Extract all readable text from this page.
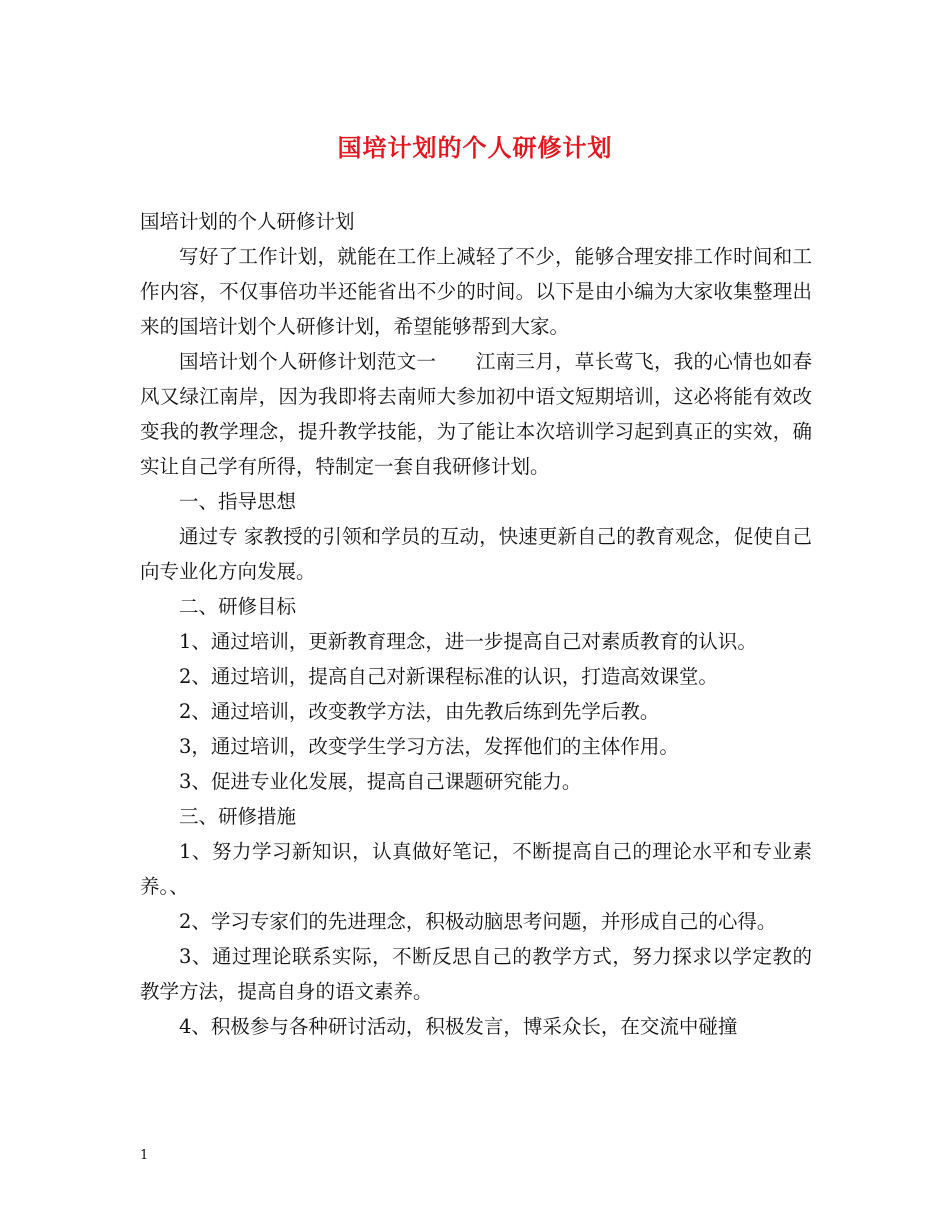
国培计划的个人研修计划

国培计划的个人研修计划

写好了工作计划，就能在工作上减轻了不少，能够合理安排工作时间和工作内容，不仅事倍功半还能省出不少的时间。以下是由小编为大家收集整理出来的国培计划个人研修计划，希望能够帮到大家。

国培计划个人研修计划范文一　　江南三月，草长莺飞，我的心情也如春风又绿江南岸，因为我即将去南师大参加初中语文短期培训，这必将能有效改变我的教学理念，提升教学技能，为了能让本次培训学习起到真正的实效，确实让自己学有所得，特制定一套自我研修计划。

一、指导思想

通过专 家教授的引领和学员的互动，快速更新自己的教育观念，促使自己向专业化方向发展。

二、研修目标

1、通过培训，更新教育理念，进一步提高自己对素质教育的认识。

2、通过培训，提高自己对新课程标准的认识，打造高效课堂。

2、通过培训，改变教学方法，由先教后练到先学后教。

3，通过培训，改变学生学习方法，发挥他们的主体作用。

3、促进专业化发展，提高自己课题研究能力。

三、研修措施

1、努力学习新知识，认真做好笔记，不断提高自己的理论水平和专业素养。、

2、学习专家们的先进理念，积极动脑思考问题，并形成自己的心得。

3、通过理论联系实际，不断反思自己的教学方式，努力探求以学定教的教学方法，提高自身的语文素养。

4、积极参与各种研讨活动，积极发言，博采众长，在交流中碰撞

1
